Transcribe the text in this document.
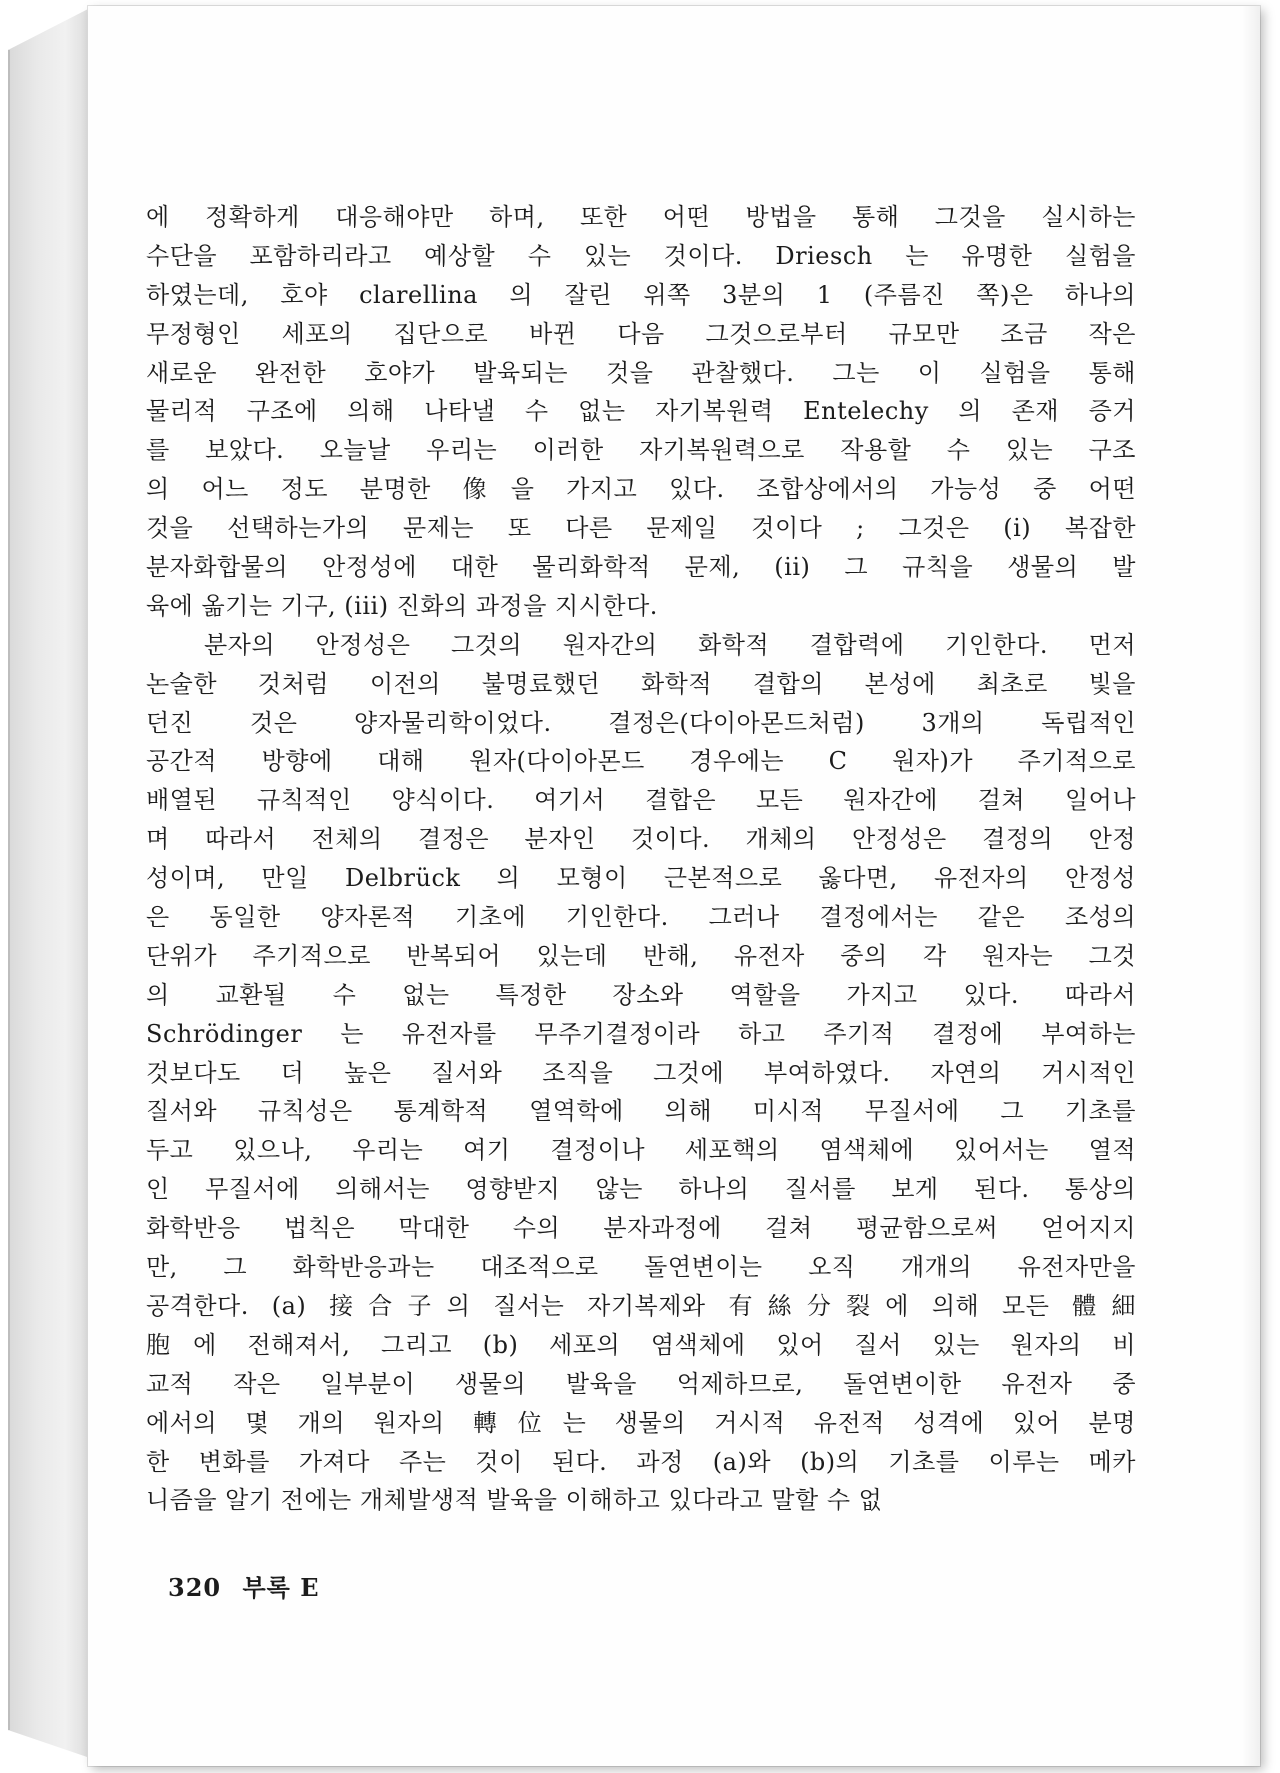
에 정확하게 대응해야만 하며, 또한 어떤 방법을 통해 그것을 실시하는
수단을 포함하리라고 예상할 수 있는 것이다. Driesch 는 유명한 실험을
하였는데, 호야 clarellina 의 잘린 위쪽 3분의 1 (주름진 쪽)은 하나의
무정형인 세포의 집단으로 바뀐 다음 그것으로부터 규모만 조금 작은
새로운 완전한 호야가 발육되는 것을 관찰했다. 그는 이 실험을 통해
물리적 구조에 의해 나타낼 수 없는 자기복원력 Entelechy 의 존재 증거
를 보았다. 오늘날 우리는 이러한 자기복원력으로 작용할 수 있는 구조
의 어느 정도 분명한 像을 가지고 있다. 조합상에서의 가능성 중 어떤
것을 선택하는가의 문제는 또 다른 문제일 것이다 ; 그것은 (i) 복잡한
분자화합물의 안정성에 대한 물리화학적 문제, (ii) 그 규칙을 생물의 발
육에 옮기는 기구, (iii) 진화의 과정을 지시한다.
분자의 안정성은 그것의 원자간의 화학적 결합력에 기인한다. 먼저
논술한 것처럼 이전의 불명료했던 화학적 결합의 본성에 최초로 빛을
던진 것은 양자물리학이었다. 결정은(다이아몬드처럼) 3개의 독립적인
공간적 방향에 대해 원자(다이아몬드 경우에는 C 원자)가 주기적으로
배열된 규칙적인 양식이다. 여기서 결합은 모든 원자간에 걸쳐 일어나
며 따라서 전체의 결정은 분자인 것이다. 개체의 안정성은 결정의 안정
성이며, 만일 Delbrück 의 모형이 근본적으로 옳다면, 유전자의 안정성
은 동일한 양자론적 기초에 기인한다. 그러나 결정에서는 같은 조성의
단위가 주기적으로 반복되어 있는데 반해, 유전자 중의 각 원자는 그것
의 교환될 수 없는 특정한 장소와 역할을 가지고 있다. 따라서
Schrödinger 는 유전자를 무주기결정이라 하고 주기적 결정에 부여하는
것보다도 더 높은 질서와 조직을 그것에 부여하였다. 자연의 거시적인
질서와 규칙성은 통계학적 열역학에 의해 미시적 무질서에 그 기초를
두고 있으나, 우리는 여기 결정이나 세포핵의 염색체에 있어서는 열적
인 무질서에 의해서는 영향받지 않는 하나의 질서를 보게 된다. 통상의
화학반응 법칙은 막대한 수의 분자과정에 걸쳐 평균함으로써 얻어지지
만, 그 화학반응과는 대조적으로 돌연변이는 오직 개개의 유전자만을
공격한다. (a) 接合子의 질서는 자기복제와 有絲分裂에 의해 모든 體細
胞에 전해져서, 그리고 (b) 세포의 염색체에 있어 질서 있는 원자의 비
교적 작은 일부분이 생물의 발육을 억제하므로, 돌연변이한 유전자 중
에서의 몇 개의 원자의 轉位는 생물의 거시적 유전적 성격에 있어 분명
한 변화를 가져다 주는 것이 된다. 과정 (a)와 (b)의 기초를 이루는 메카
니즘을 알기 전에는 개체발생적 발육을 이해하고 있다라고 말할 수 없
320 부록 E
